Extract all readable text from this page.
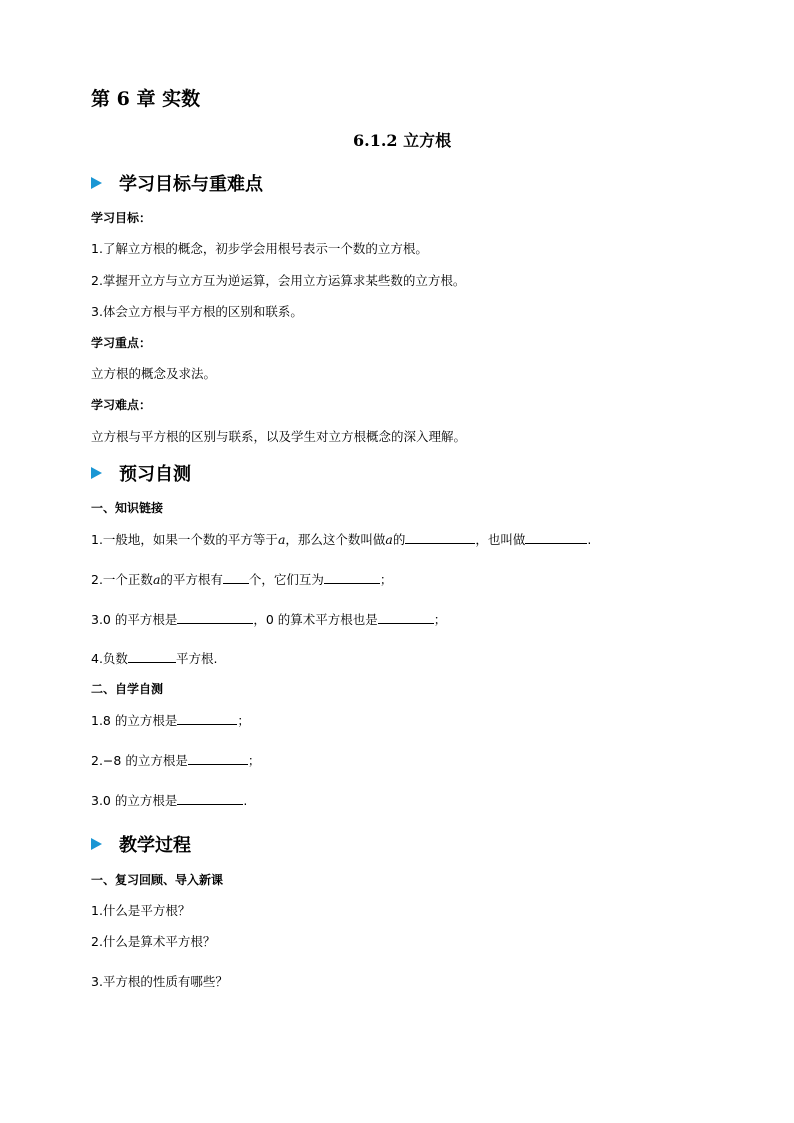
第 6 章 实数
6.1.2 立方根
学习目标与重难点
学习目标：
1.了解立方根的概念，初步学会用根号表示一个数的立方根。
2.掌握开立方与立方互为逆运算，会用立方运算求某些数的立方根。
3.体会立方根与平方根的区别和联系。
学习重点：
立方根的概念及求法。
学习难点：
立方根与平方根的区别与联系，以及学生对立方根概念的深入理解。
预习自测
一、知识链接
1.一般地，如果一个数的平方等于a，那么这个数叫做a的	，也叫做	.
2.一个正数a的平方根有 个，它们互为	；
3.0 的平方根是	，0 的算术平方根也是	；
4.负数	平方根.
二、自学自测
1.8 的立方根是	；
2.−8 的立方根是	；
3.0 的立方根是	.
教学过程
一、复习回顾、导入新课
1.什么是平方根？
2.什么是算术平方根？
3.平方根的性质有哪些？
